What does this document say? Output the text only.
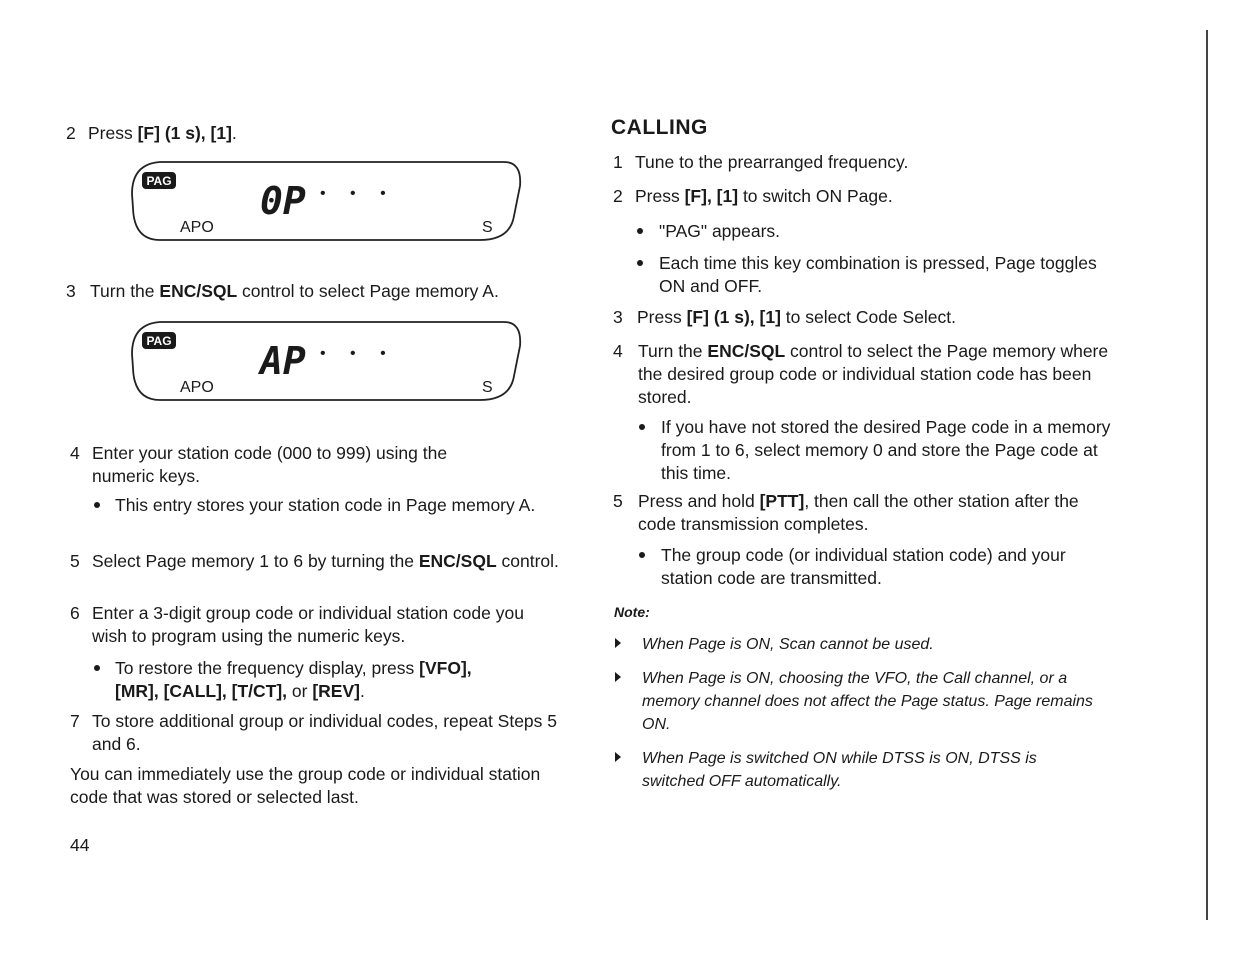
2 Press [F] (1 s), [1].
PAG
APO	S
0P • • •
3 Turn the ENC/SQL control to select Page memory A.
PAG
APO	S
AP • • •
4 Enter your station code (000 to 999) using the numeric keys.
This entry stores your station code in Page memory A.
5 Select Page memory 1 to 6 by turning the ENC/SQL control.
6 Enter a 3-digit group code or individual station code you wish to program using the numeric keys.
To restore the frequency display, press [VFO],
[MR], [CALL], [T/CT], or [REV].
7 To store additional group or individual codes, repeat Steps 5 and 6.
You can immediately use the group code or individual station code that was stored or selected last.
44
CALLING
1 Tune to the prearranged frequency.
2 Press [F], [1] to switch ON Page.
"PAG" appears.
Each time this key combination is pressed, Page toggles ON and OFF.
3 Press [F] (1 s), [1] to select Code Select.
4 Turn the ENC/SQL control to select the Page memory where the desired group code or individual station code has been stored.
If you have not stored the desired Page code in a memory from 1 to 6, select memory 0 and store the Page code at this time.
5 Press and hold [PTT], then call the other station after the code transmission completes.
The group code (or individual station code) and your station code are transmitted.
Note:
When Page is ON, Scan cannot be used.
When Page is ON, choosing the VFO, the Call channel, or a memory channel does not affect the Page status. Page remains ON.
When Page is switched ON while DTSS is ON, DTSS is switched OFF automatically.
